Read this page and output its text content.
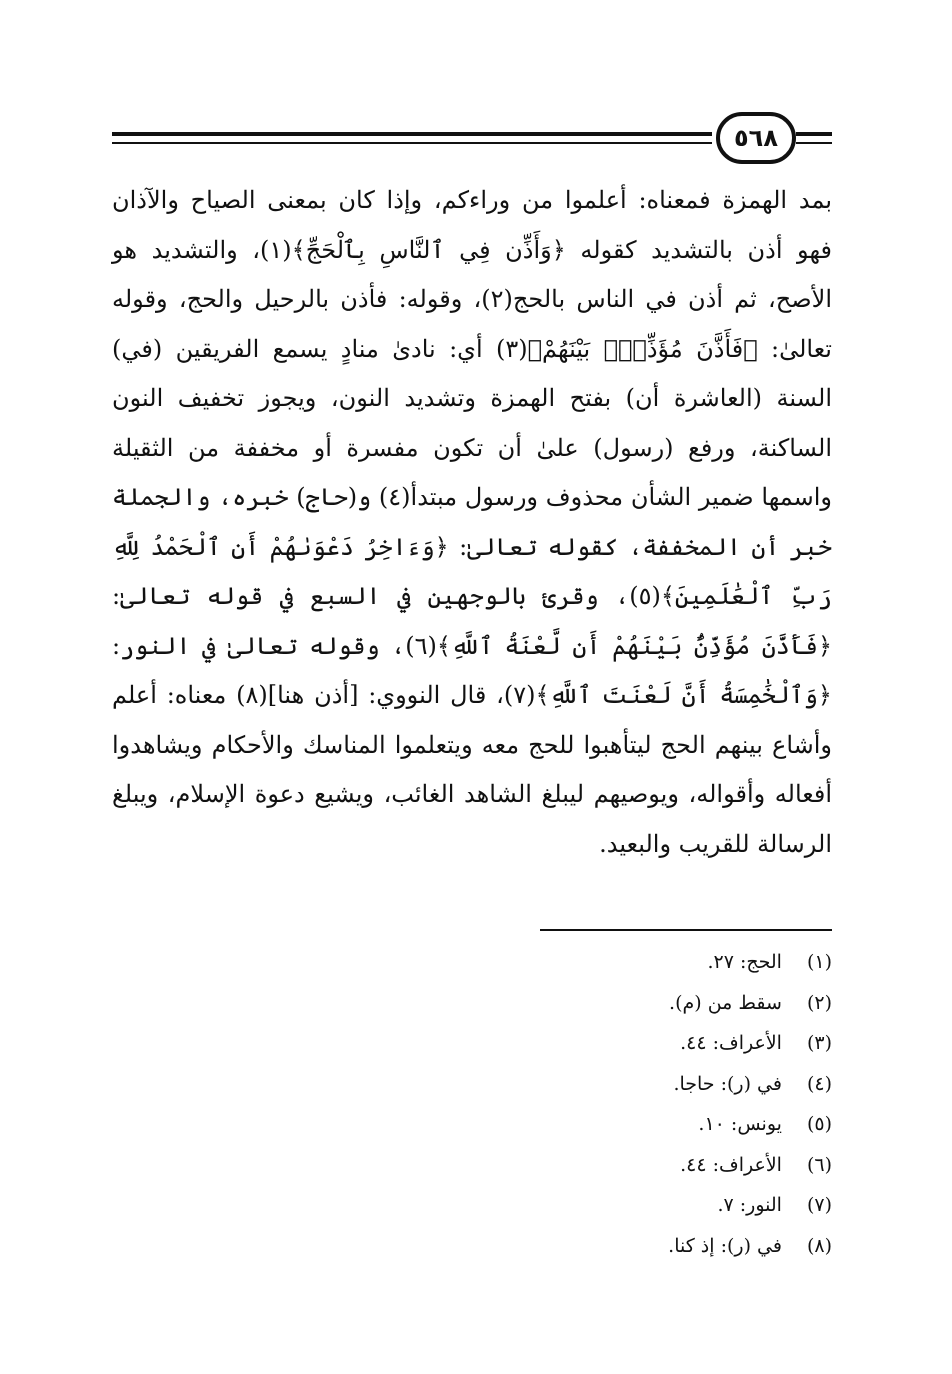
٥٦٨

بمد الهمزة فمعناه: أعلموا من وراءكم، وإذا كان بمعنى الصياح والآذان فهو أذن بالتشديد كقوله ﴿وَأَذِّن فِي ٱلنَّاسِ بِٱلْحَجِّ﴾(١)، والتشديد هو الأصح، ثم أذن في الناس بالحج(٢)، وقوله: فأذن بالرحيل والحج، وقوله تعالىٰ: ﴿فَأَذَّنَ مُؤَذِّنٌۢ بَيْنَهُمْ﴾(٣) أي: نادىٰ منادٍ يسمع الفريقين (في) السنة (العاشرة أن) بفتح الهمزة وتشديد النون، ويجوز تخفيف النون الساكنة، ورفع (رسول) علىٰ أن تكون مفسرة أو مخففة من الثقيلة واسمها ضمير الشأن محذوف ورسول مبتدأ(٤) و(حاج) خبره، والجملة خبر أن المخففة، كقوله تعالىٰ: ﴿وَءَاخِرُ دَعْوَىٰهُمْ أَنِ ٱلْحَمْدُ لِلَّهِ رَبِّ ٱلْعَٰلَمِينَ﴾(٥)، وقرئ بالوجهين في السبع في قوله تعالىٰ: ﴿فَأَذَّنَ مُؤَذِّنٌۢ بَيْنَهُمْ أَن لَّعْنَةُ ٱللَّهِ﴾(٦)، وقوله تعالىٰ في النور: ﴿وَٱلْخَٰمِسَةُ أَنَّ لَعْنَتَ ٱللَّهِ﴾(٧)، قال النووي: [أذن هنا](٨) معناه: أعلم وأشاع بينهم الحج ليتأهبوا للحج معه ويتعلموا المناسك والأحكام ويشاهدوا أفعاله وأقواله، ويوصيهم ليبلغ الشاهد الغائب، ويشيع دعوة الإسلام، ويبلغ الرسالة للقريب والبعيد.

(١) الحج: ٢٧.
(٢) سقط من (م).
(٣) الأعراف: ٤٤.
(٤) في (ر): حاجا.
(٥) يونس: ١٠.
(٦) الأعراف: ٤٤.
(٧) النور: ٧.
(٨) في (ر): إذ كنا.
